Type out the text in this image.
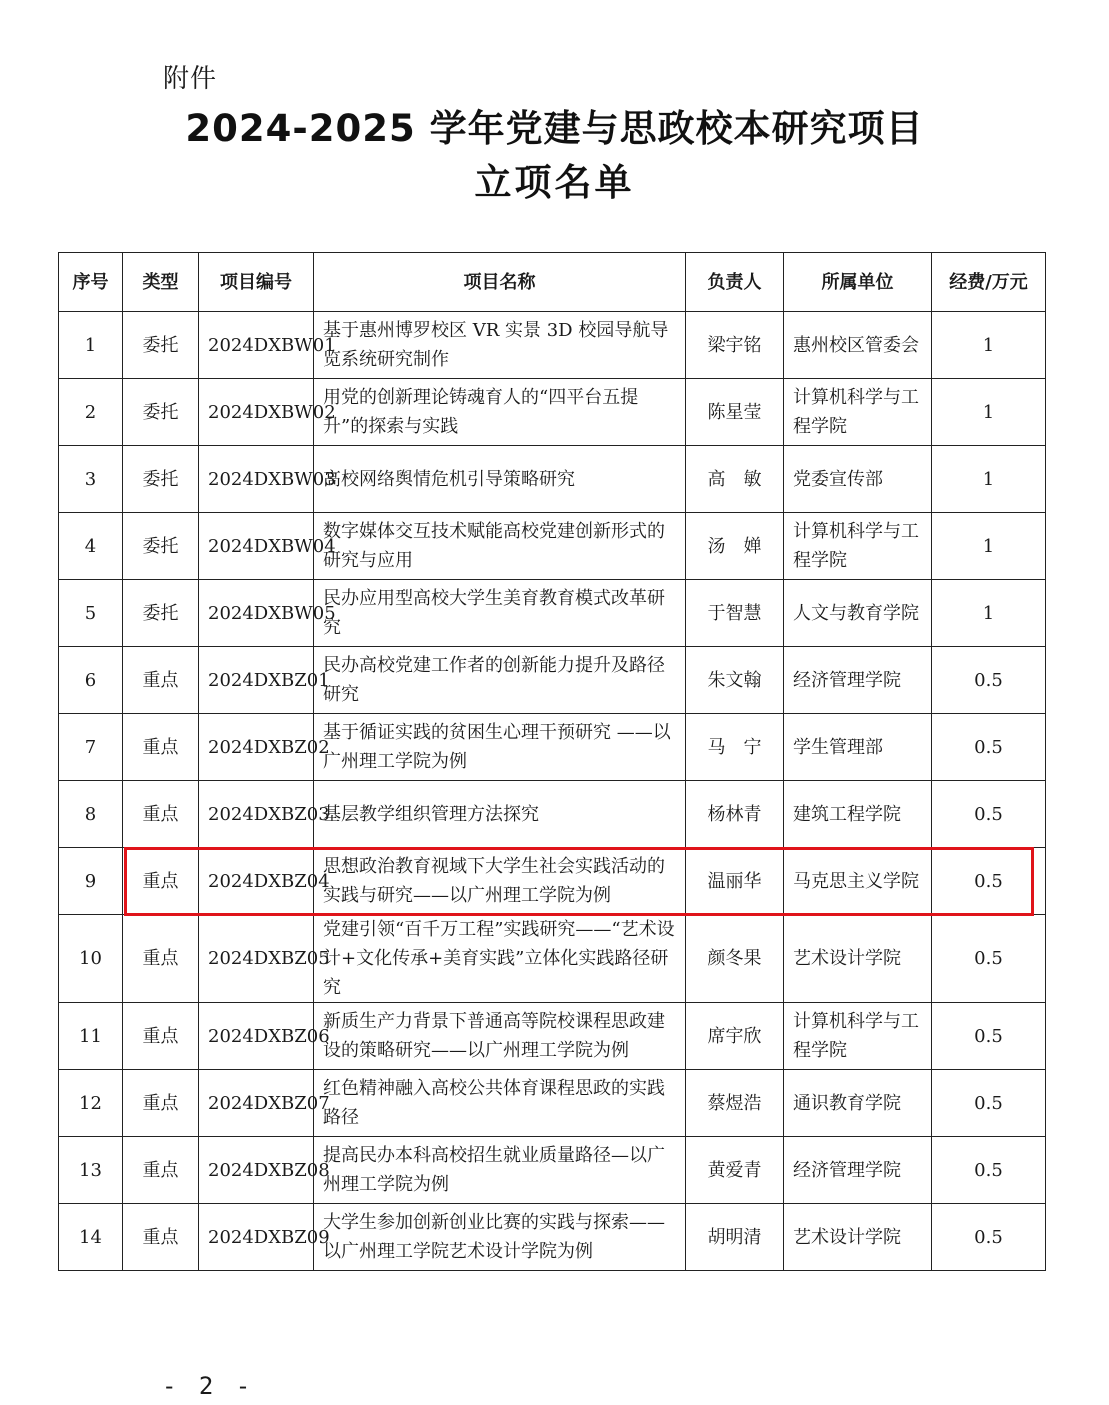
附件
2024-2025 学年党建与思政校本研究项目
立项名单
序号	类型	项目编号	项目名称	负责人	所属单位	经费/万元
1	委托	2024DXBW01	基于惠州博罗校区 VR 实景 3D 校园导航导览系统研究制作	梁宇铭	惠州校区管委会	1
2	委托	2024DXBW02	用党的创新理论铸魂育人的“四平台五提升”的探索与实践	陈星莹	计算机科学与工程学院	1
3	委托	2024DXBW03	高校网络舆情危机引导策略研究	高　敏	党委宣传部	1
4	委托	2024DXBW04	数字媒体交互技术赋能高校党建创新形式的研究与应用	汤　婵	计算机科学与工程学院	1
5	委托	2024DXBW05	民办应用型高校大学生美育教育模式改革研究	于智慧	人文与教育学院	1
6	重点	2024DXBZ01	民办高校党建工作者的创新能力提升及路径研究	朱文翰	经济管理学院	0.5
7	重点	2024DXBZ02	基于循证实践的贫困生心理干预研究 ——以广州理工学院为例	马　宁	学生管理部	0.5
8	重点	2024DXBZ03	基层教学组织管理方法探究	杨林青	建筑工程学院	0.5
9	重点	2024DXBZ04	思想政治教育视域下大学生社会实践活动的实践与研究——以广州理工学院为例	温丽华	马克思主义学院	0.5
10	重点	2024DXBZ05	党建引领“百千万工程”实践研究——“艺术设计+文化传承+美育实践”立体化实践路径研究	颜冬果	艺术设计学院	0.5
11	重点	2024DXBZ06	新质生产力背景下普通高等院校课程思政建设的策略研究——以广州理工学院为例	席宇欣	计算机科学与工程学院	0.5
12	重点	2024DXBZ07	红色精神融入高校公共体育课程思政的实践路径	蔡煜浩	通识教育学院	0.5
13	重点	2024DXBZ08	提高民办本科高校招生就业质量路径—以广州理工学院为例	黄爱青	经济管理学院	0.5
14	重点	2024DXBZ09	大学生参加创新创业比赛的实践与探索——以广州理工学院艺术设计学院为例	胡明清	艺术设计学院	0.5
- 2 -
